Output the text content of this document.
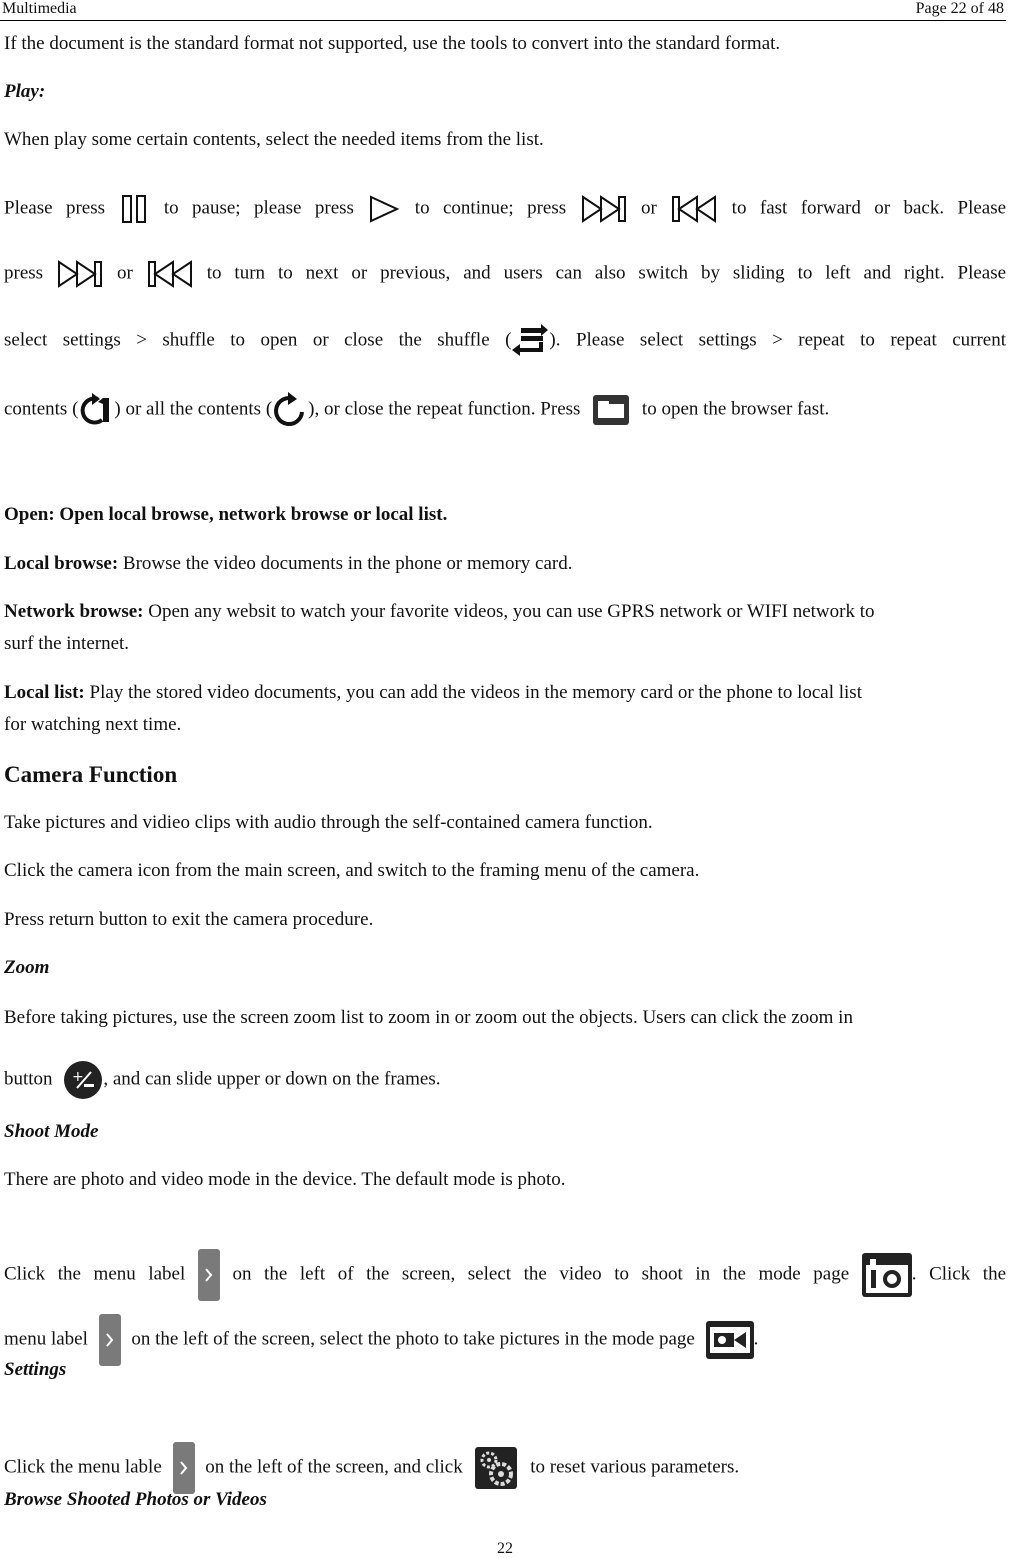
Multimedia	Page 22 of 48
If the document is the standard format not supported, use the tools to convert into the standard format.
Play:
When play some certain contents, select the needed items from the list.
Please press	to pause; please press	to continue; press	or	to fast forward or back. Please
press	or	to turn to next or previous, and users can also switch by sliding to left and right. Please
select settings > shuffle to open or close the shuffle ( ). Please select settings > repeat to repeat current
contents ( ) or all the contents ( ), or close the repeat function. Press	to open the browser fast.
Open: Open local browse, network browse or local list.
Local browse: Browse the video documents in the phone or memory card.
Network browse: Open any websit to watch your favorite videos, you can use GPRS network or WIFI network to
surf the internet.
Local list: Play the stored video documents, you can add the videos in the memory card or the phone to local list
for watching next time.
Camera Function
Take pictures and vidieo clips with audio through the self-contained camera function.
Click the camera icon from the main screen, and switch to the framing menu of the camera.
Press return button to exit the camera procedure.
Zoom
Before taking pictures, use the screen zoom list to zoom in or zoom out the objects. Users can click the zoom in
button + , and can slide upper or down on the frames.
Shoot Mode
There are photo and video mode in the device. The default mode is photo.
Click the menu label on the left of the screen, select the video to shoot in the mode page	. Click the
menu label on the left of the screen, select the photo to take pictures in the mode page	.
Settings
Click the menu lable on the left of the screen, and click	to reset various parameters.
Browse Shooted Photos or Videos
22
